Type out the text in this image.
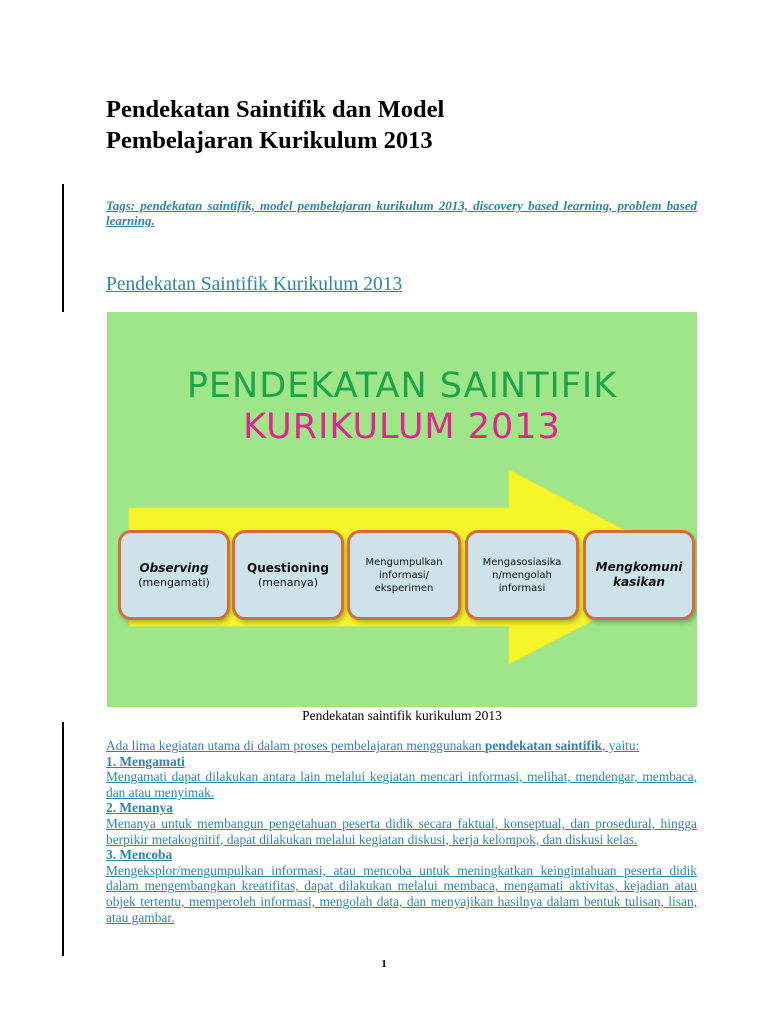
Pendekatan Saintifik dan Model
Pembelajaran Kurikulum 2013

Tags: pendekatan saintifik, model pembelajaran kurikulum 2013, discovery based learning, problem based learning.

Pendekatan Saintifik Kurikulum 2013
PENDEKATAN SAINTIFIK
KURIKULUM 2013
Observing
(mengamati)
Questioning
(menanya)
Mengumpulkan
informasi/
eksperimen
Mengasosiasika
n/mengolah
informasi
Mengkomuni
kasikan

Pendekatan saintifik kurikulum 2013

Ada lima kegiatan utama di dalam proses pembelajaran menggunakan pendekatan saintifik, yaitu:

1. Mengamati

Mengamati dapat dilakukan antara lain melalui kegiatan mencari informasi, melihat, mendengar, membaca, dan atau menyimak.

2. Menanya

Menanya untuk membangun pengetahuan peserta didik secara faktual, konseptual, dan prosedural, hingga berpikir metakognitif, dapat dilakukan melalui kegiatan diskusi, kerja kelompok, dan diskusi kelas.

3. Mencoba

Mengeksplor/mengumpulkan informasi, atau mencoba untuk meningkatkan keingintahuan peserta didik dalam mengembangkan kreatifitas, dapat dilakukan melalui membaca, mengamati aktivitas, kejadian atau objek tertentu, memperoleh informasi, mengolah data, dan menyajikan hasilnya dalam bentuk tulisan, lisan, atau gambar.

1
